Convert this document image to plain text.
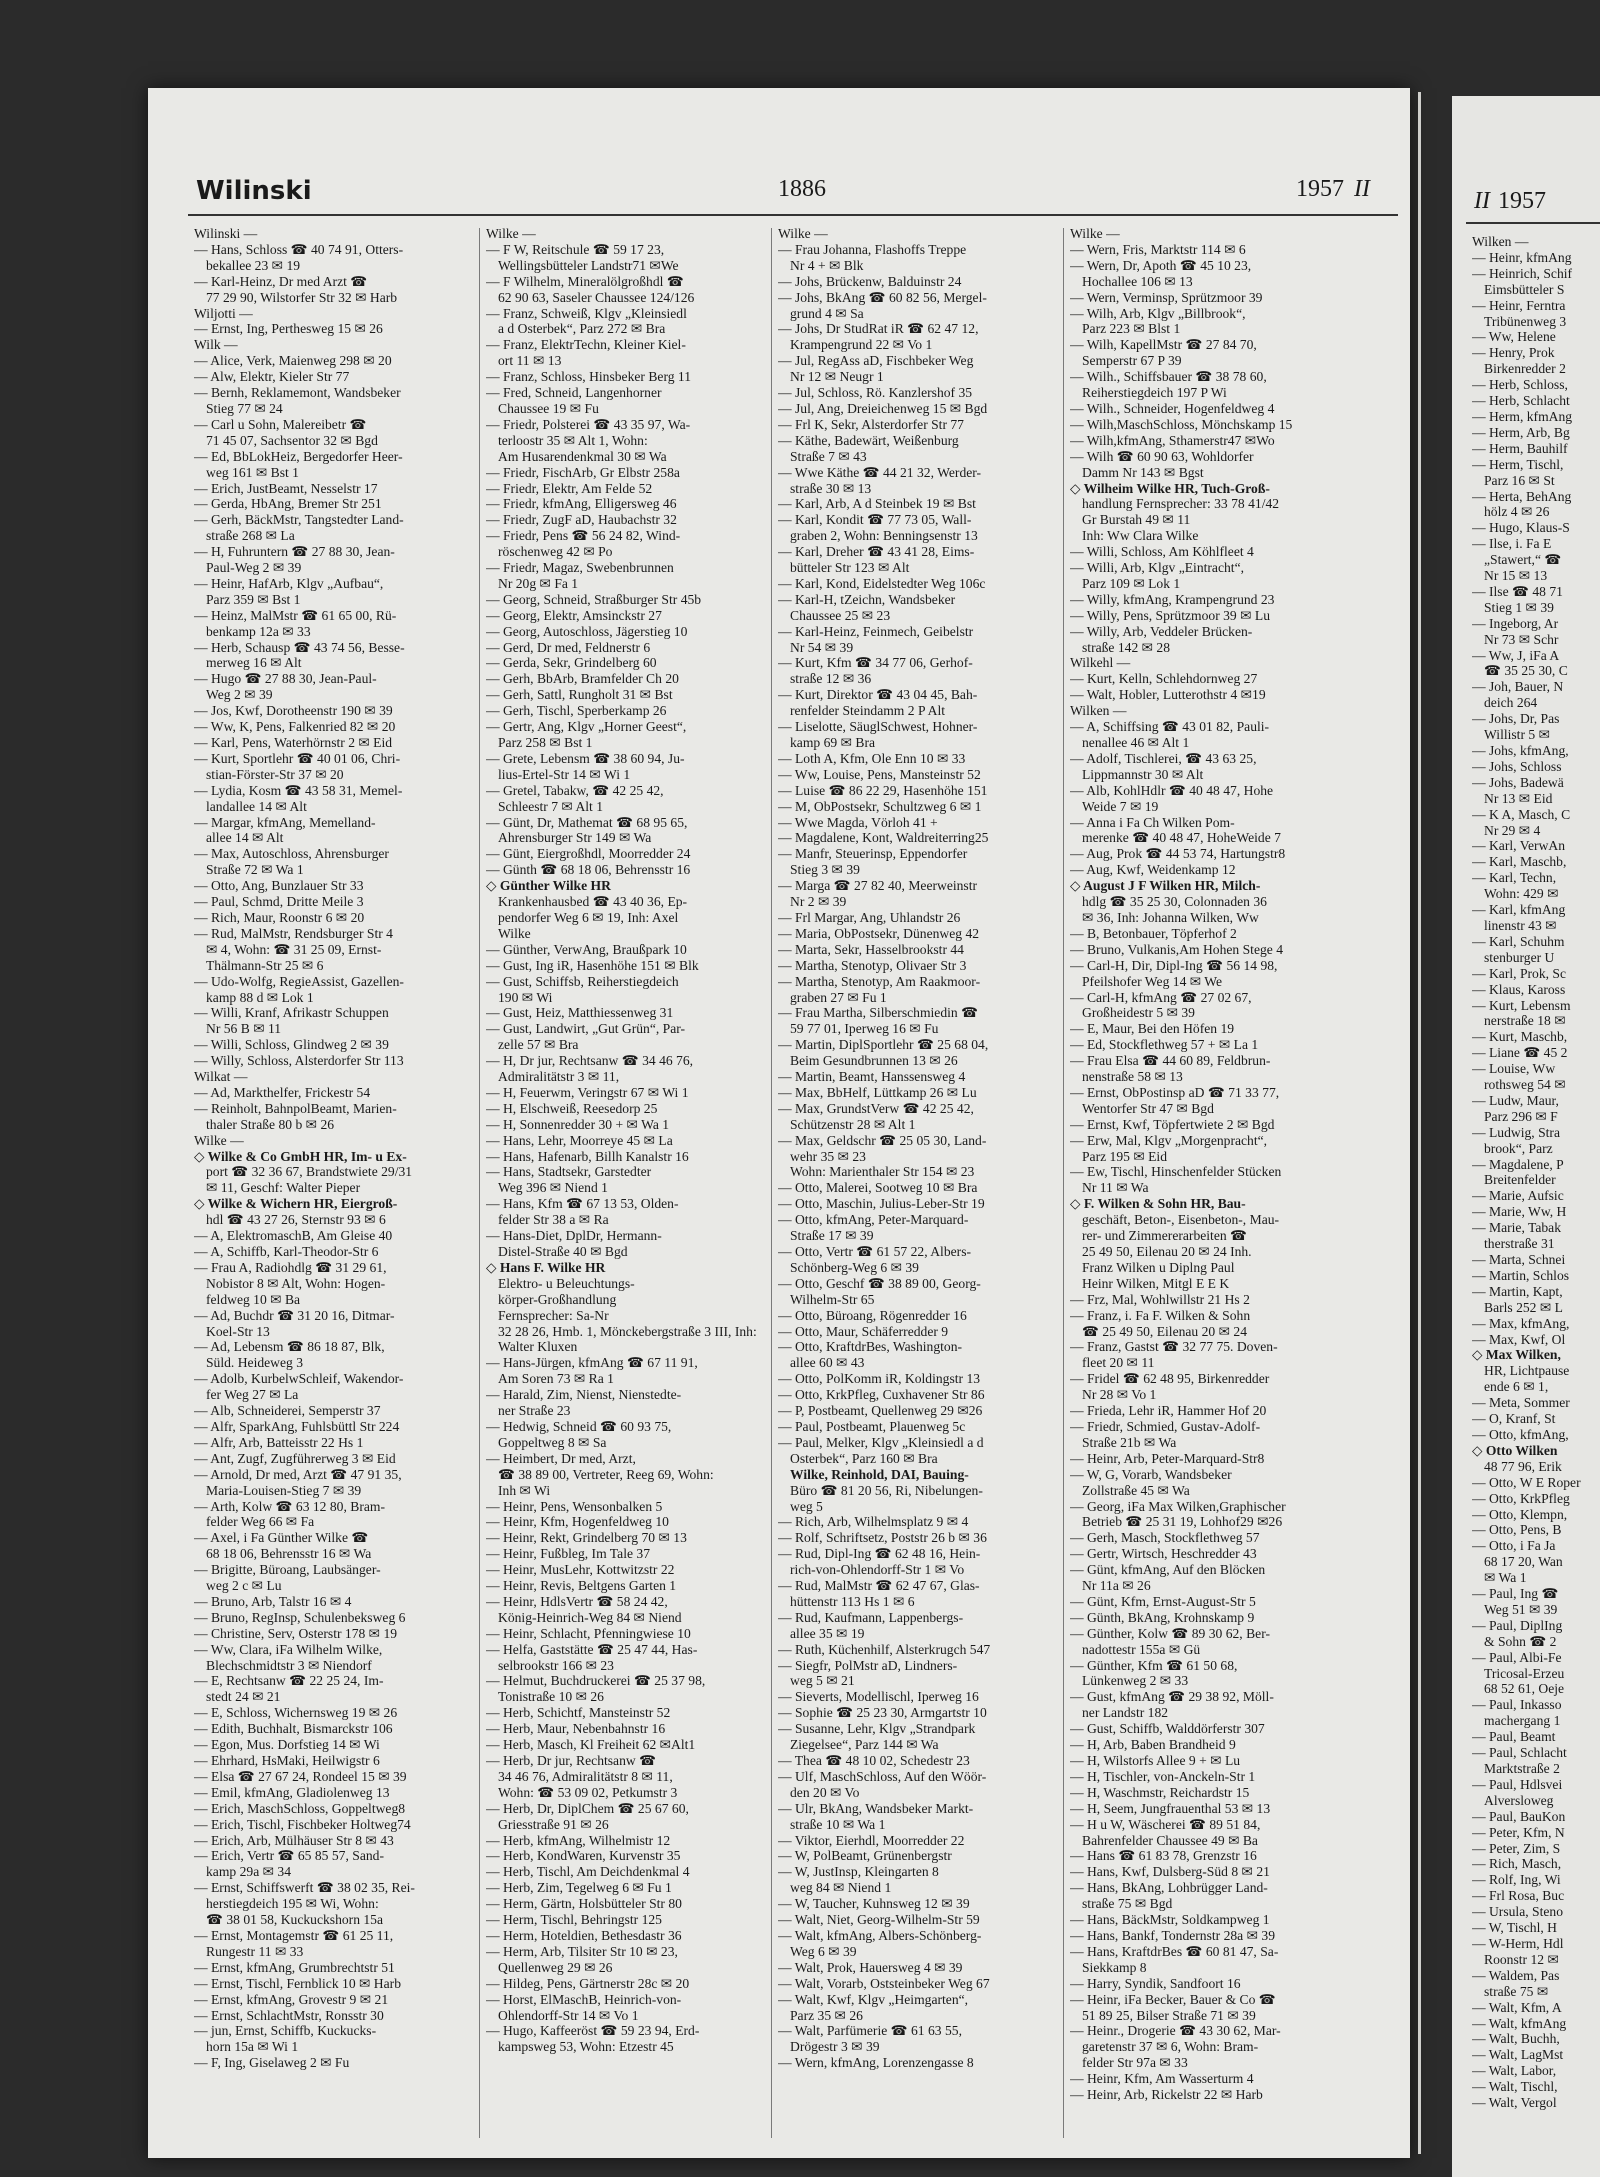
Wilinski	1886	1957 II
Wilinski —
— Hans, Schloss ☎ 40 74 91, Otters-
bekallee 23 ✉ 19
— Karl-Heinz, Dr med Arzt ☎
77 29 90, Wilstorfer Str 32 ✉ Harb
Wiljotti —
— Ernst, Ing, Perthesweg 15 ✉ 26
Wilk —
— Alice, Verk, Maienweg 298 ✉ 20
— Alw, Elektr, Kieler Str 77
— Bernh, Reklamemont, Wandsbeker
Stieg 77 ✉ 24
— Carl u Sohn, Malereibetr ☎
71 45 07, Sachsentor 32 ✉ Bgd
— Ed, BbLokHeiz, Bergedorfer Heer-
weg 161 ✉ Bst 1
— Erich, JustBeamt, Nesselstr 17
— Gerda, HbAng, Bremer Str 251
— Gerh, BäckMstr, Tangstedter Land-
straße 268 ✉ La
— H, Fuhruntern ☎ 27 88 30, Jean-
Paul-Weg 2 ✉ 39
— Heinr, HafArb, Klgv „Aufbau“,
Parz 359 ✉ Bst 1
— Heinz, MalMstr ☎ 61 65 00, Rü-
benkamp 12a ✉ 33
— Herb, Schausp ☎ 43 74 56, Besse-
merweg 16 ✉ Alt
— Hugo ☎ 27 88 30, Jean-Paul-
Weg 2 ✉ 39
— Jos, Kwf, Dorotheenstr 190 ✉ 39
— Ww, K, Pens, Falkenried 82 ✉ 20
— Karl, Pens, Waterhörnstr 2 ✉ Eid
— Kurt, Sportlehr ☎ 40 01 06, Chri-
stian-Förster-Str 37 ✉ 20
— Lydia, Kosm ☎ 43 58 31, Memel-
landallee 14 ✉ Alt
— Margar, kfmAng, Memelland-
allee 14 ✉ Alt
— Max, Autoschloss, Ahrensburger
Straße 72 ✉ Wa 1
— Otto, Ang, Bunzlauer Str 33
— Paul, Schmd, Dritte Meile 3
— Rich, Maur, Roonstr 6 ✉ 20
— Rud, MalMstr, Rendsburger Str 4
✉ 4, Wohn: ☎ 31 25 09, Ernst-
Thälmann-Str 25 ✉ 6
— Udo-Wolfg, RegieAssist, Gazellen-
kamp 88 d ✉ Lok 1
— Willi, Kranf, Afrikastr Schuppen
Nr 56 B ✉ 11
— Willi, Schloss, Glindweg 2 ✉ 39
— Willy, Schloss, Alsterdorfer Str 113
Wilkat —
— Ad, Markthelfer, Frickestr 54
— Reinholt, BahnpolBeamt, Marien-
thaler Straße 80 b ✉ 26
Wilke —
◇ Wilke & Co GmbH HR, Im- u Ex-
port ☎ 32 36 67, Brandstwiete 29/31
✉ 11, Geschf: Walter Pieper
◇ Wilke & Wichern HR, Eiergroß-
hdl ☎ 43 27 26, Sternstr 93 ✉ 6
— A, ElektromaschB, Am Gleise 40
— A, Schiffb, Karl-Theodor-Str 6
— Frau A, Radiohdlg ☎ 31 29 61,
Nobistor 8 ✉ Alt, Wohn: Hogen-
feldweg 10 ✉ Ba
— Ad, Buchdr ☎ 31 20 16, Ditmar-
Koel-Str 13
— Ad, Lebensm ☎ 86 18 87, Blk,
Süld. Heideweg 3
— Adolb, KurbelwSchleif, Wakendor-
fer Weg 27 ✉ La
— Alb, Schneiderei, Semperstr 37
— Alfr, SparkAng, Fuhlsbüttl Str 224
— Alfr, Arb, Batteisstr 22 Hs 1
— Ant, Zugf, Zugführerweg 3 ✉ Eid
— Arnold, Dr med, Arzt ☎ 47 91 35,
Maria-Louisen-Stieg 7 ✉ 39
— Arth, Kolw ☎ 63 12 80, Bram-
felder Weg 66 ✉ Fa
— Axel, i Fa Günther Wilke ☎
68 18 06, Behrensstr 16 ✉ Wa
— Brigitte, Büroang, Laubsänger-
weg 2 c ✉ Lu
— Bruno, Arb, Talstr 16 ✉ 4
— Bruno, RegInsp, Schulenbeksweg 6
— Christine, Serv, Osterstr 178 ✉ 19
— Ww, Clara, iFa Wilhelm Wilke,
Blechschmidtstr 3 ✉ Niendorf
— E, Rechtsanw ☎ 22 25 24, Im-
stedt 24 ✉ 21
— E, Schloss, Wichernsweg 19 ✉ 26
— Edith, Buchhalt, Bismarckstr 106
— Egon, Mus. Dorfstieg 14 ✉ Wi
— Ehrhard, HsMaki, Heilwigstr 6
— Elsa ☎ 27 67 24, Rondeel 15 ✉ 39
— Emil, kfmAng, Gladiolenweg 13
— Erich, MaschSchloss, Goppeltweg8
— Erich, Tischl, Fischbeker Holtweg74
— Erich, Arb, Mülhäuser Str 8 ✉ 43
— Erich, Vertr ☎ 65 85 57, Sand-
kamp 29a ✉ 34
— Ernst, Schiffswerft ☎ 38 02 35, Rei-
herstiegdeich 195 ✉ Wi, Wohn:
☎ 38 01 58, Kuckuckshorn 15a
— Ernst, Montagemstr ☎ 61 25 11,
Rungestr 11 ✉ 33
— Ernst, kfmAng, Grumbrechtstr 51
— Ernst, Tischl, Fernblick 10 ✉ Harb
— Ernst, kfmAng, Grovestr 9 ✉ 21
— Ernst, SchlachtMstr, Ronsstr 30
— jun, Ernst, Schiffb, Kuckucks-
horn 15a ✉ Wi 1
— F, Ing, Giselaweg 2 ✉ Fu
Wilke —
— F W, Reitschule ☎ 59 17 23,
Wellingsbütteler Landstr71 ✉We
— F Wilhelm, Mineralölgroßhdl ☎
62 90 63, Saseler Chaussee 124/126
— Franz, Schweiß, Klgv „Kleinsiedl
a d Osterbek“, Parz 272 ✉ Bra
— Franz, ElektrTechn, Kleiner Kiel-
ort 11 ✉ 13
— Franz, Schloss, Hinsbeker Berg 11
— Fred, Schneid, Langenhorner
Chaussee 19 ✉ Fu
— Friedr, Polsterei ☎ 43 35 97, Wa-
terloostr 35 ✉ Alt 1, Wohn:
Am Husarendenkmal 30 ✉ Wa
— Friedr, FischArb, Gr Elbstr 258a
— Friedr, Elektr, Am Felde 52
— Friedr, kfmAng, Elligersweg 46
— Friedr, ZugF aD, Haubachstr 32
— Friedr, Pens ☎ 56 24 82, Wind-
röschenweg 42 ✉ Po
— Friedr, Magaz, Swebenbrunnen
Nr 20g ✉ Fa 1
— Georg, Schneid, Straßburger Str 45b
— Georg, Elektr, Amsinckstr 27
— Georg, Autoschloss, Jägerstieg 10
— Gerd, Dr med, Feldnerstr 6
— Gerda, Sekr, Grindelberg 60
— Gerh, BbArb, Bramfelder Ch 20
— Gerh, Sattl, Rungholt 31 ✉ Bst
— Gerh, Tischl, Sperberkamp 26
— Gertr, Ang, Klgv „Horner Geest“,
Parz 258 ✉ Bst 1
— Grete, Lebensm ☎ 38 60 94, Ju-
lius-Ertel-Str 14 ✉ Wi 1
— Gretel, Tabakw, ☎ 42 25 42,
Schleestr 7 ✉ Alt 1
— Günt, Dr, Mathemat ☎ 68 95 65,
Ahrensburger Str 149 ✉ Wa
— Günt, Eiergroßhdl, Moorredder 24
— Günth ☎ 68 18 06, Behrensstr 16
◇ Günther Wilke HR
Krankenhausbed ☎ 43 40 36, Ep-
pendorfer Weg 6 ✉ 19, Inh: Axel
Wilke
— Günther, VerwAng, Braußpark 10
— Gust, Ing iR, Hasenhöhe 151 ✉ Blk
— Gust, Schiffsb, Reiherstiegdeich
190 ✉ Wi
— Gust, Heiz, Matthiessenweg 31
— Gust, Landwirt, „Gut Grün“, Par-
zelle 57 ✉ Bra
— H, Dr jur, Rechtsanw ☎ 34 46 76,
Admiralitätstr 3 ✉ 11,
— H, Feuerwm, Veringstr 67 ✉ Wi 1
— H, Elschweiß, Reesedorp 25
— H, Sonnenredder 30 + ✉ Wa 1
— Hans, Lehr, Moorreye 45 ✉ La
— Hans, Hafenarb, Billh Kanalstr 16
— Hans, Stadtsekr, Garstedter
Weg 396 ✉ Niend 1
— Hans, Kfm ☎ 67 13 53, Olden-
felder Str 38 a ✉ Ra
— Hans-Diet, DplDr, Hermann-
Distel-Straße 40 ✉ Bgd
◇ Hans F. Wilke HR
Elektro- u Beleuchtungs-
körper-Großhandlung
Fernsprecher: Sa-Nr
32 28 26, Hmb. 1, Mönckebergstraße 3 III, Inh:
Walter Kluxen
— Hans-Jürgen, kfmAng ☎ 67 11 91,
Am Soren 73 ✉ Ra 1
— Harald, Zim, Nienst, Nienstedte-
ner Straße 23
— Hedwig, Schneid ☎ 60 93 75,
Goppeltweg 8 ✉ Sa
— Heimbert, Dr med, Arzt,
☎ 38 89 00, Vertreter, Reeg 69, Wohn:
Inh ✉ Wi
— Heinr, Pens, Wensonbalken 5
— Heinr, Kfm, Hogenfeldweg 10
— Heinr, Rekt, Grindelberg 70 ✉ 13
— Heinr, Fußbleg, Im Tale 37
— Heinr, MusLehr, Kottwitzstr 22
— Heinr, Revis, Beltgens Garten 1
— Heinr, HdlsVertr ☎ 58 24 42,
König-Heinrich-Weg 84 ✉ Niend
— Heinr, Schlacht, Pfenningwiese 10
— Helfa, Gaststätte ☎ 25 47 44, Has-
selbrookstr 166 ✉ 23
— Helmut, Buchdruckerei ☎ 25 37 98,
Tonistraße 10 ✉ 26
— Herb, Schichtf, Mansteinstr 52
— Herb, Maur, Nebenbahnstr 16
— Herb, Masch, Kl Freiheit 62 ✉Alt1
— Herb, Dr jur, Rechtsanw ☎
34 46 76, Admiralitätstr 8 ✉ 11,
Wohn: ☎ 53 09 02, Petkumstr 3
— Herb, Dr, DiplChem ☎ 25 67 60,
Griesstraße 91 ✉ 26
— Herb, kfmAng, Wilhelmistr 12
— Herb, KondWaren, Kurvenstr 35
— Herb, Tischl, Am Deichdenkmal 4
— Herb, Zim, Tegelweg 6 ✉ Fu 1
— Herm, Gärtn, Holsbütteler Str 80
— Herm, Tischl, Behringstr 125
— Herm, Hoteldien, Bethesdastr 36
— Herm, Arb, Tilsiter Str 10 ✉ 23,
Quellenweg 29 ✉ 26
— Hildeg, Pens, Gärtnerstr 28c ✉ 20
— Horst, ElMaschB, Heinrich-von-
Ohlendorff-Str 14 ✉ Vo 1
— Hugo, Kaffeeröst ☎ 59 23 94, Erd-
kampsweg 53, Wohn: Etzestr 45
Wilke —
— Frau Johanna, Flashoffs Treppe
Nr 4 + ✉ Blk
— Johs, Brückenw, Balduinstr 24
— Johs, BkAng ☎ 60 82 56, Mergel-
grund 4 ✉ Sa
— Johs, Dr StudRat iR ☎ 62 47 12,
Krampengrund 22 ✉ Vo 1
— Jul, RegAss aD, Fischbeker Weg
Nr 12 ✉ Neugr 1
— Jul, Schloss, Rö. Kanzlershof 35
— Jul, Ang, Dreieichenweg 15 ✉ Bgd
— Frl K, Sekr, Alsterdorfer Str 77
— Käthe, Badewärt, Weißenburg
Straße 7 ✉ 43
— Wwe Käthe ☎ 44 21 32, Werder-
straße 30 ✉ 13
— Karl, Arb, A d Steinbek 19 ✉ Bst
— Karl, Kondit ☎ 77 73 05, Wall-
graben 2, Wohn: Benningsenstr 13
— Karl, Dreher ☎ 43 41 28, Eims-
bütteler Str 123 ✉ Alt
— Karl, Kond, Eidelstedter Weg 106c
— Karl-H, tZeichn, Wandsbeker
Chaussee 25 ✉ 23
— Karl-Heinz, Feinmech, Geibelstr
Nr 54 ✉ 39
— Kurt, Kfm ☎ 34 77 06, Gerhof-
straße 12 ✉ 36
— Kurt, Direktor ☎ 43 04 45, Bah-
renfelder Steindamm 2 P Alt
— Liselotte, SäuglSchwest, Hohner-
kamp 69 ✉ Bra
— Loth A, Kfm, Ole Enn 10 ✉ 33
— Ww, Louise, Pens, Mansteinstr 52
— Luise ☎ 86 22 29, Hasenhöhe 151
— M, ObPostsekr, Schultzweg 6 ✉ 1
— Wwe Magda, Vörloh 41 +
— Magdalene, Kont, Waldreiterring25
— Manfr, Steuerinsp, Eppendorfer
Stieg 3 ✉ 39
— Marga ☎ 27 82 40, Meerweinstr
Nr 2 ✉ 39
— Frl Margar, Ang, Uhlandstr 26
— Maria, ObPostsekr, Dünenweg 42
— Marta, Sekr, Hasselbrookstr 44
— Martha, Stenotyp, Olivaer Str 3
— Martha, Stenotyp, Am Raakmoor-
graben 27 ✉ Fu 1
— Frau Martha, Silberschmiedin ☎
59 77 01, Iperweg 16 ✉ Fu
— Martin, DiplSportlehr ☎ 25 68 04,
Beim Gesundbrunnen 13 ✉ 26
— Martin, Beamt, Hanssensweg 4
— Max, BbHelf, Lüttkamp 26 ✉ Lu
— Max, GrundstVerw ☎ 42 25 42,
Schützenstr 28 ✉ Alt 1
— Max, Geldschr ☎ 25 05 30, Land-
wehr 35 ✉ 23
Wohn: Marienthaler Str 154 ✉ 23
— Otto, Malerei, Sootweg 10 ✉ Bra
— Otto, Maschin, Julius-Leber-Str 19
— Otto, kfmAng, Peter-Marquard-
Straße 17 ✉ 39
— Otto, Vertr ☎ 61 57 22, Albers-
Schönberg-Weg 6 ✉ 39
— Otto, Geschf ☎ 38 89 00, Georg-
Wilhelm-Str 65
— Otto, Büroang, Rögenredder 16
— Otto, Maur, Schäferredder 9
— Otto, KraftdrBes, Washington-
allee 60 ✉ 43
— Otto, PolKomm iR, Koldingstr 13
— Otto, KrkPfleg, Cuxhavener Str 86
— P, Postbeamt, Quellenweg 29 ✉26
— Paul, Postbeamt, Plauenweg 5c
— Paul, Melker, Klgv „Kleinsiedl a d
Osterbek“, Parz 160 ✉ Bra
Wilke, Reinhold, DAI, Bauing-
Büro ☎ 81 20 56, Ri, Nibelungen-
weg 5
— Rich, Arb, Wilhelmsplatz 9 ✉ 4
— Rolf, Schriftsetz, Poststr 26 b ✉ 36
— Rud, Dipl-Ing ☎ 62 48 16, Hein-
rich-von-Ohlendorff-Str 1 ✉ Vo
— Rud, MalMstr ☎ 62 47 67, Glas-
hüttenstr 113 Hs 1 ✉ 6
— Rud, Kaufmann, Lappenbergs-
allee 35 ✉ 19
— Ruth, Küchenhilf, Alsterkrugch 547
— Siegfr, PolMstr aD, Lindners-
weg 5 ✉ 21
— Sieverts, Modellischl, Iperweg 16
— Sophie ☎ 25 23 30, Armgartstr 10
— Susanne, Lehr, Klgv „Strandpark
Ziegelsee“, Parz 144 ✉ Wa
— Thea ☎ 48 10 02, Schedestr 23
— Ulf, MaschSchloss, Auf den Wöör-
den 20 ✉ Vo
— Ulr, BkAng, Wandsbeker Markt-
straße 10 ✉ Wa 1
— Viktor, Eierhdl, Moorredder 22
— W, PolBeamt, Grünenbergstr
— W, JustInsp, Kleingarten 8
weg 84 ✉ Niend 1
— W, Taucher, Kuhnsweg 12 ✉ 39
— Walt, Niet, Georg-Wilhelm-Str 59
— Walt, kfmAng, Albers-Schönberg-
Weg 6 ✉ 39
— Walt, Prok, Hauersweg 4 ✉ 39
— Walt, Vorarb, Oststeinbeker Weg 67
— Walt, Kwf, Klgv „Heimgarten“,
Parz 35 ✉ 26
— Walt, Parfümerie ☎ 61 63 55,
Drögestr 3 ✉ 39
— Wern, kfmAng, Lorenzengasse 8
Wilke —
— Wern, Fris, Marktstr 114 ✉ 6
— Wern, Dr, Apoth ☎ 45 10 23,
Hochallee 106 ✉ 13
— Wern, Verminsp, Sprützmoor 39
— Wilh, Arb, Klgv „Billbrook“,
Parz 223 ✉ Blst 1
— Wilh, KapellMstr ☎ 27 84 70,
Semperstr 67 P 39
— Wilh., Schiffsbauer ☎ 38 78 60,
Reiherstiegdeich 197 P Wi
— Wilh., Schneider, Hogenfeldweg 4
— Wilh,MaschSchloss, Mönchskamp 15
— Wilh,kfmAng, Sthamerstr47 ✉Wo
— Wilh ☎ 60 90 63, Wohldorfer
Damm Nr 143 ✉ Bgst
◇ Wilheim Wilke HR, Tuch-Groß-
handlung Fernsprecher: 33 78 41/42
Gr Burstah 49 ✉ 11
Inh: Ww Clara Wilke
— Willi, Schloss, Am Köhlfleet 4
— Willi, Arb, Klgv „Eintracht“,
Parz 109 ✉ Lok 1
— Willy, kfmAng, Krampengrund 23
— Willy, Pens, Sprützmoor 39 ✉ Lu
— Willy, Arb, Veddeler Brücken-
straße 142 ✉ 28
Wilkehl —
— Kurt, Kelln, Schlehdornweg 27
— Walt, Hobler, Lutterothstr 4 ✉19
Wilken —
— A, Schiffsing ☎ 43 01 82, Pauli-
nenallee 46 ✉ Alt 1
— Adolf, Tischlerei, ☎ 43 63 25,
Lippmannstr 30 ✉ Alt
— Alb, KohlHdlr ☎ 40 48 47, Hohe
Weide 7 ✉ 19
— Anna i Fa Ch Wilken Pom-
merenke ☎ 40 48 47, HoheWeide 7
— Aug, Prok ☎ 44 53 74, Hartungstr8
— Aug, Kwf, Weidenkamp 12
◇ August J F Wilken HR, Milch-
hdlg ☎ 35 25 30, Colonnaden 36
✉ 36, Inh: Johanna Wilken, Ww
— B, Betonbauer, Töpferhof 2
— Bruno, Vulkanis,Am Hohen Stege 4
— Carl-H, Dir, Dipl-Ing ☎ 56 14 98,
Pfeilshofer Weg 14 ✉ We
— Carl-H, kfmAng ☎ 27 02 67,
Großheidestr 5 ✉ 39
— E, Maur, Bei den Höfen 19
— Ed, Stockflethweg 57 + ✉ La 1
— Frau Elsa ☎ 44 60 89, Feldbrun-
nenstraße 58 ✉ 13
— Ernst, ObPostinsp aD ☎ 71 33 77,
Wentorfer Str 47 ✉ Bgd
— Ernst, Kwf, Töpfertwiete 2 ✉ Bgd
— Erw, Mal, Klgv „Morgenpracht“,
Parz 195 ✉ Eid
— Ew, Tischl, Hinschenfelder Stücken
Nr 11 ✉ Wa
◇ F. Wilken & Sohn HR, Bau-
geschäft, Beton-, Eisenbeton-, Mau-
rer- und Zimmererarbeiten ☎
25 49 50, Eilenau 20 ✉ 24 Inh.
Franz Wilken u Diplng Paul
Heinr Wilken, Mitgl E E K
— Frz, Mal, Wohlwillstr 21 Hs 2
— Franz, i. Fa F. Wilken & Sohn
☎ 25 49 50, Eilenau 20 ✉ 24
— Franz, Gastst ☎ 32 77 75. Doven-
fleet 20 ✉ 11
— Fridel ☎ 62 48 95, Birkenredder
Nr 28 ✉ Vo 1
— Frieda, Lehr iR, Hammer Hof 20
— Friedr, Schmied, Gustav-Adolf-
Straße 21b ✉ Wa
— Heinr, Arb, Peter-Marquard-Str8
— W, G, Vorarb, Wandsbeker
Zollstraße 45 ✉ Wa
— Georg, iFa Max Wilken,Graphischer
Betrieb ☎ 25 31 19, Lohhof29 ✉26
— Gerh, Masch, Stockflethweg 57
— Gertr, Wirtsch, Heschredder 43
— Günt, kfmAng, Auf den Blöcken
Nr 11a ✉ 26
— Günt, Kfm, Ernst-August-Str 5
— Günth, BkAng, Krohnskamp 9
— Günther, Kolw ☎ 89 30 62, Ber-
nadottestr 155a ✉ Gü
— Günther, Kfm ☎ 61 50 68,
Lünkenweg 2 ✉ 33
— Gust, kfmAng ☎ 29 38 92, Möll-
ner Landstr 182
— Gust, Schiffb, Walddörferstr 307
— H, Arb, Baben Brandheid 9
— H, Wilstorfs Allee 9 + ✉ Lu
— H, Tischler, von-Anckeln-Str 1
— H, Waschmstr, Reichardstr 15
— H, Seem, Jungfrauenthal 53 ✉ 13
— H u W, Wäscherei ☎ 89 51 84,
Bahrenfelder Chaussee 49 ✉ Ba
— Hans ☎ 61 83 78, Grenzstr 16
— Hans, Kwf, Dulsberg-Süd 8 ✉ 21
— Hans, BkAng, Lohbrügger Land-
straße 75 ✉ Bgd
— Hans, BäckMstr, Soldkampweg 1
— Hans, Bankf, Tondernstr 28a ✉ 39
— Hans, KraftdrBes ☎ 60 81 47, Sa-
Siekkamp 8
— Harry, Syndik, Sandfoort 16
— Heinr, iFa Becker, Bauer & Co ☎
51 89 25, Bilser Straße 71 ✉ 39
— Heinr., Drogerie ☎ 43 30 62, Mar-
garetenstr 37 ✉ 6, Wohn: Bram-
felder Str 97a ✉ 33
— Heinr, Kfm, Am Wasserturm 4
— Heinr, Arb, Rickelstr 22 ✉ Harb
II 1957
Wilken —
— Heinr, kfmAng
— Heinrich, Schif
Eimsbütteler S
— Heinr, Ferntra
Tribünenweg 3
— Ww, Helene
— Henry, Prok
Birkenredder 2
— Herb, Schloss,
— Herb, Schlacht
— Herm, kfmAng
— Herm, Arb, Bg
— Herm, Bauhilf
— Herm, Tischl,
Parz 16 ✉ St
— Herta, BehAng
hölz 4 ✉ 26
— Hugo, Klaus-S
— Ilse, i. Fa E
„Stawert,“ ☎
Nr 15 ✉ 13
— Ilse ☎ 48 71
Stieg 1 ✉ 39
— Ingeborg, Ar
Nr 73 ✉ Schr
— Ww, J, iFa A
☎ 35 25 30, C
— Joh, Bauer, N
deich 264
— Johs, Dr, Pas
Willistr 5 ✉
— Johs, kfmAng,
— Johs, Schloss
— Johs, Badewä
Nr 13 ✉ Eid
— K A, Masch, C
Nr 29 ✉ 4
— Karl, VerwAn
— Karl, Maschb,
— Karl, Techn,
Wohn: 429 ✉
— Karl, kfmAng
linenstr 43 ✉
— Karl, Schuhm
stenburger U
— Karl, Prok, Sc
— Klaus, Kaross
— Kurt, Lebensm
nerstraße 18 ✉
— Kurt, Maschb,
— Liane ☎ 45 2
— Louise, Ww
rothsweg 54 ✉
— Ludw, Maur,
Parz 296 ✉ F
— Ludwig, Stra
brook“, Parz
— Magdalene, P
Breitenfelder
— Marie, Aufsic
— Marie, Ww, H
— Marie, Tabak
therstraße 31
— Marta, Schnei
— Martin, Schlos
— Martin, Kapt,
Barls 252 ✉ L
— Max, kfmAng,
— Max, Kwf, Ol
◇ Max Wilken,
HR, Lichtpause
ende 6 ✉ 1,
— Meta, Sommer
— O, Kranf, St
— Otto, kfmAng,
◇ Otto Wilken
48 77 96, Erik
— Otto, W E Roper
— Otto, KrkPfleg
— Otto, Klempn,
— Otto, Pens, B
— Otto, i Fa Ja
68 17 20, Wan
✉ Wa 1
— Paul, Ing ☎
Weg 51 ✉ 39
— Paul, DiplIng
& Sohn ☎ 2
— Paul, Albi-Fe
Tricosal-Erzeu
68 52 61, Oeje
— Paul, Inkasso
machergang 1
— Paul, Beamt
— Paul, Schlacht
Marktstraße 2
— Paul, Hdlsvei
Alversloweg
— Paul, BauKon
— Peter, Kfm, N
— Peter, Zim, S
— Rich, Masch,
— Rolf, Ing, Wi
— Frl Rosa, Buc
— Ursula, Steno
— W, Tischl, H
— W-Herm, Hdl
Roonstr 12 ✉
— Waldem, Pas
straße 75 ✉
— Walt, Kfm, A
— Walt, kfmAng
— Walt, Buchh,
— Walt, LagMst
— Walt, Labor,
— Walt, Tischl,
— Walt, Vergol
